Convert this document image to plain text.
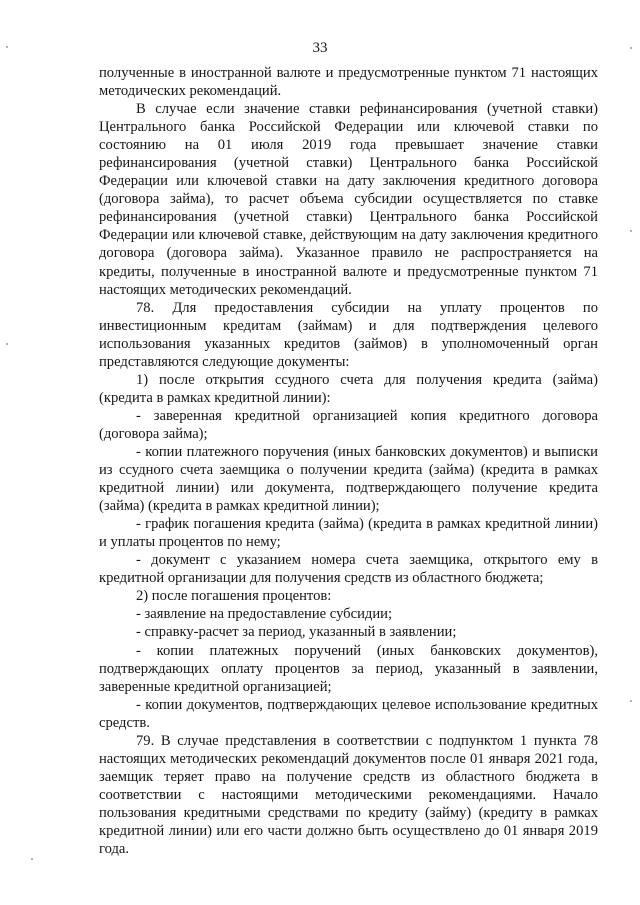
33

полученные в иностранной валюте и предусмотренные пунктом 71 настоящих методических рекомендаций.

В случае если значение ставки рефинансирования (учетной ставки) Центрального банка Российской Федерации или ключевой ставки по состоянию на 01 июля 2019 года превышает значение ставки рефинансирования (учетной ставки) Центрального банка Российской Федерации или ключевой ставки на дату заключения кредитного договора (договора займа), то расчет объема субсидии осуществляется по ставке рефинансирования (учетной ставки) Центрального банка Российской Федерации или ключевой ставке, действующим на дату заключения кредитного договора (договора займа). Указанное правило не распространяется на кредиты, полученные в иностранной валюте и предусмотренные пунктом 71 настоящих методических рекомендаций.

78. Для предоставления субсидии на уплату процентов по инвестиционным кредитам (займам) и для подтверждения целевого использования указанных кредитов (займов) в уполномоченный орган представляются следующие документы:

1) после открытия ссудного счета для получения кредита (займа) (кредита в рамках кредитной линии):

- заверенная кредитной организацией копия кредитного договора (договора займа);

- копии платежного поручения (иных банковских документов) и выписки из ссудного счета заемщика о получении кредита (займа) (кредита в рамках кредитной линии) или документа, подтверждающего получение кредита (займа) (кредита в рамках кредитной линии);

- график погашения кредита (займа) (кредита в рамках кредитной линии) и уплаты процентов по нему;

- документ с указанием номера счета заемщика, открытого ему в кредитной организации для получения средств из областного бюджета;

2) после погашения процентов:

- заявление на предоставление субсидии;

- справку-расчет за период, указанный в заявлении;

- копии платежных поручений (иных банковских документов), подтверждающих оплату процентов за период, указанный в заявлении, заверенные кредитной организацией;

- копии документов, подтверждающих целевое использование кредитных средств.

79. В случае представления в соответствии с подпунктом 1 пункта 78 настоящих методических рекомендаций документов после 01 января 2021 года, заемщик теряет право на получение средств из областного бюджета в соответствии с настоящими методическими рекомендациями. Начало пользования кредитными средствами по кредиту (займу) (кредиту в рамках кредитной линии) или его части должно быть осуществлено до 01 января 2019 года.
